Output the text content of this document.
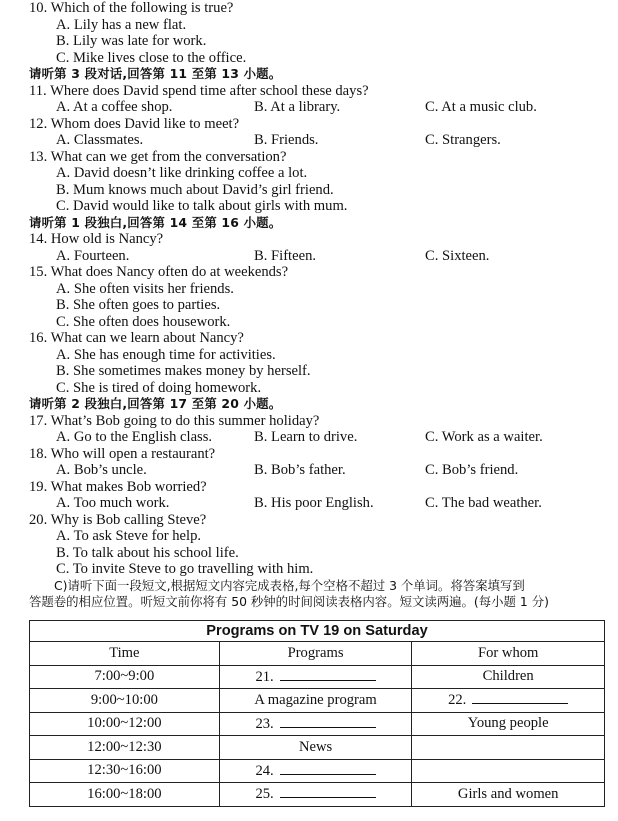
10. Which of the following is true?
A. Lily has a new flat.
B. Lily was late for work.
C. Mike lives close to the office.
请听第 3 段对话,回答第 11 至第 13 小题。
11. Where does David spend time after school these days?
A. At a coffee shop.	B. At a library.	C. At a music club.
12. Whom does David like to meet?
A. Classmates.	B. Friends.	C. Strangers.
13. What can we get from the conversation?
A. David doesn’t like drinking coffee a lot.
B. Mum knows much about David’s girl friend.
C. David would like to talk about girls with mum.
请听第 1 段独白,回答第 14 至第 16 小题。
14. How old is Nancy?
A. Fourteen.	B. Fifteen.	C. Sixteen.
15. What does Nancy often do at weekends?
A. She often visits her friends.
B. She often goes to parties.
C. She often does housework.
16. What can we learn about Nancy?
A. She has enough time for activities.
B. She sometimes makes money by herself.
C. She is tired of doing homework.
请听第 2 段独白,回答第 17 至第 20 小题。
17. What’s Bob going to do this summer holiday?
A. Go to the English class.	B. Learn to drive.	C. Work as a waiter.
18. Who will open a restaurant?
A. Bob’s uncle.	B. Bob’s father.	C. Bob’s friend.
19. What makes Bob worried?
A. Too much work.	B. His poor English.	C. The bad weather.
20. Why is Bob calling Steve?
A. To ask Steve for help.
B. To talk about his school life.
C. To invite Steve to go travelling with him.
C)请听下面一段短文,根据短文内容完成表格,每个空格不超过 3 个单词。将答案填写到
答题卷的相应位置。听短文前你将有 50 秒钟的时间阅读表格内容。短文读两遍。(每小题 1 分)
Programs on TV 19 on Saturday		
Time	Programs	For whom
7:00~9:00	21.	Children
9:00~10:00	A magazine program	22.
10:00~12:00	23.	Young people
12:00~12:30	News	
12:30~16:00	24.	
16:00~18:00	25.	Girls and women
